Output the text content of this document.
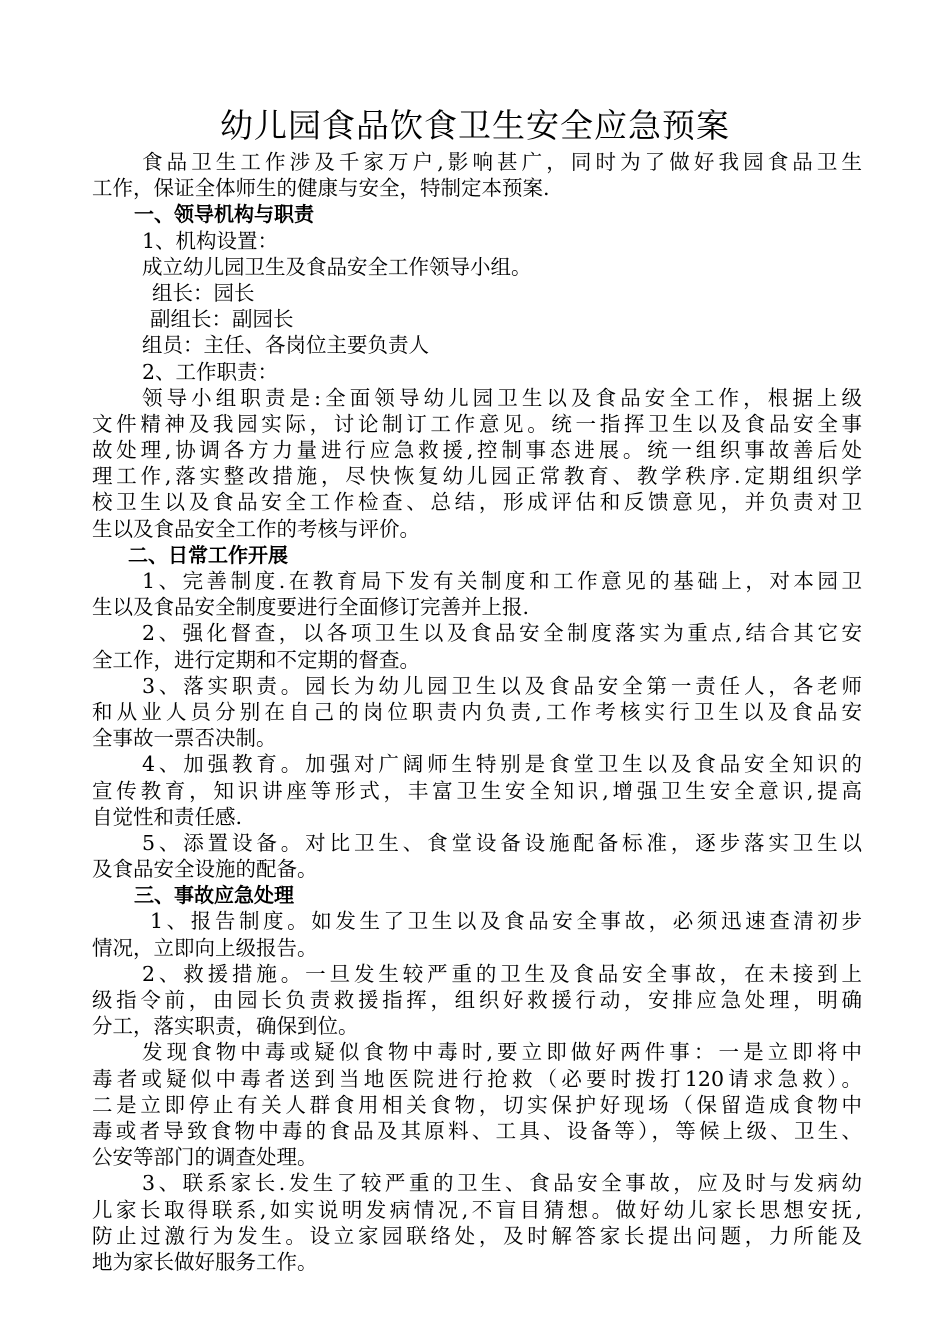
幼儿园食品饮食卫生安全应急预案
食品卫生工作涉及千家万户,影响甚广，同时为了做好我园食品卫生
工作，保证全体师生的健康与安全，特制定本预案.
一、领导机构与职责
1、机构设置：
成立幼儿园卫生及食品安全工作领导小组。
组长：园长
副组长：副园长
组员：主任、各岗位主要负责人
2、工作职责：
领导小组职责是:全面领导幼儿园卫生以及食品安全工作，根据上级
文件精神及我园实际，讨论制订工作意见。统一指挥卫生以及食品安全事
故处理,协调各方力量进行应急救援,控制事态进展。统一组织事故善后处
理工作,落实整改措施，尽快恢复幼儿园正常教育、教学秩序.定期组织学
校卫生以及食品安全工作检查、总结，形成评估和反馈意见，并负责对卫
生以及食品安全工作的考核与评价。
二、日常工作开展
1、完善制度.在教育局下发有关制度和工作意见的基础上，对本园卫
生以及食品安全制度要进行全面修订完善并上报.
2、强化督查，以各项卫生以及食品安全制度落实为重点,结合其它安
全工作，进行定期和不定期的督查。
3、落实职责。园长为幼儿园卫生以及食品安全第一责任人，各老师
和从业人员分别在自己的岗位职责内负责,工作考核实行卫生以及食品安
全事故一票否决制。
4、加强教育。加强对广阔师生特别是食堂卫生以及食品安全知识的
宣传教育，知识讲座等形式，丰富卫生安全知识,增强卫生安全意识,提高
自觉性和责任感.
5、添置设备。对比卫生、食堂设备设施配备标准，逐步落实卫生以
及食品安全设施的配备。
三、事故应急处理
1、报告制度。如发生了卫生以及食品安全事故，必须迅速查清初步
情况，立即向上级报告。
2、救援措施。一旦发生较严重的卫生及食品安全事故，在未接到上
级指令前，由园长负责救援指挥，组织好救援行动，安排应急处理，明确
分工，落实职责，确保到位。
发现食物中毒或疑似食物中毒时,要立即做好两件事：一是立即将中
毒者或疑似中毒者送到当地医院进行抢救（必要时拨打120请求急救）。
二是立即停止有关人群食用相关食物，切实保护好现场（保留造成食物中
毒或者导致食物中毒的食品及其原料、工具、设备等），等候上级、卫生、
公安等部门的调查处理。
3、联系家长.发生了较严重的卫生、食品安全事故，应及时与发病幼
儿家长取得联系,如实说明发病情况,不盲目猜想。做好幼儿家长思想安抚,
防止过激行为发生。设立家园联络处，及时解答家长提出问题，力所能及
地为家长做好服务工作。
